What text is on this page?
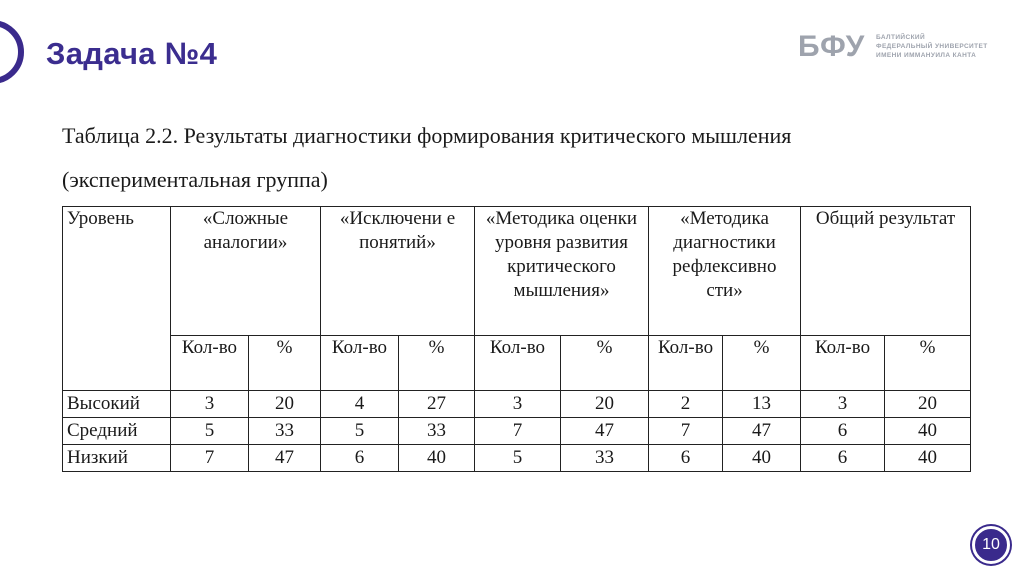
Задача №4	БФУ БАЛТИЙСКИЙ
ФЕДЕРАЛЬНЫЙ УНИВЕРСИТЕТ
ИМЕНИ ИММАНУИЛА КАНТА
Таблица 2.2. Результаты диагностики формирования критического мышления
(экспериментальная группа)
Уровень	«Сложные аналогии»		«Исключени е понятий»		«Методика оценки уровня развития критического мышления»		«Методика диагностики рефлексивно сти»		Общий результат	
	Кол-во	%	Кол-во	%	Кол-во	%	Кол-во	%	Кол-во	%
Высокий	3	20	4	27	3	20	2	13	3	20
Средний	5	33	5	33	7	47	7	47	6	40
Низкий	7	47	6	40	5	33	6	40	6	40
10
